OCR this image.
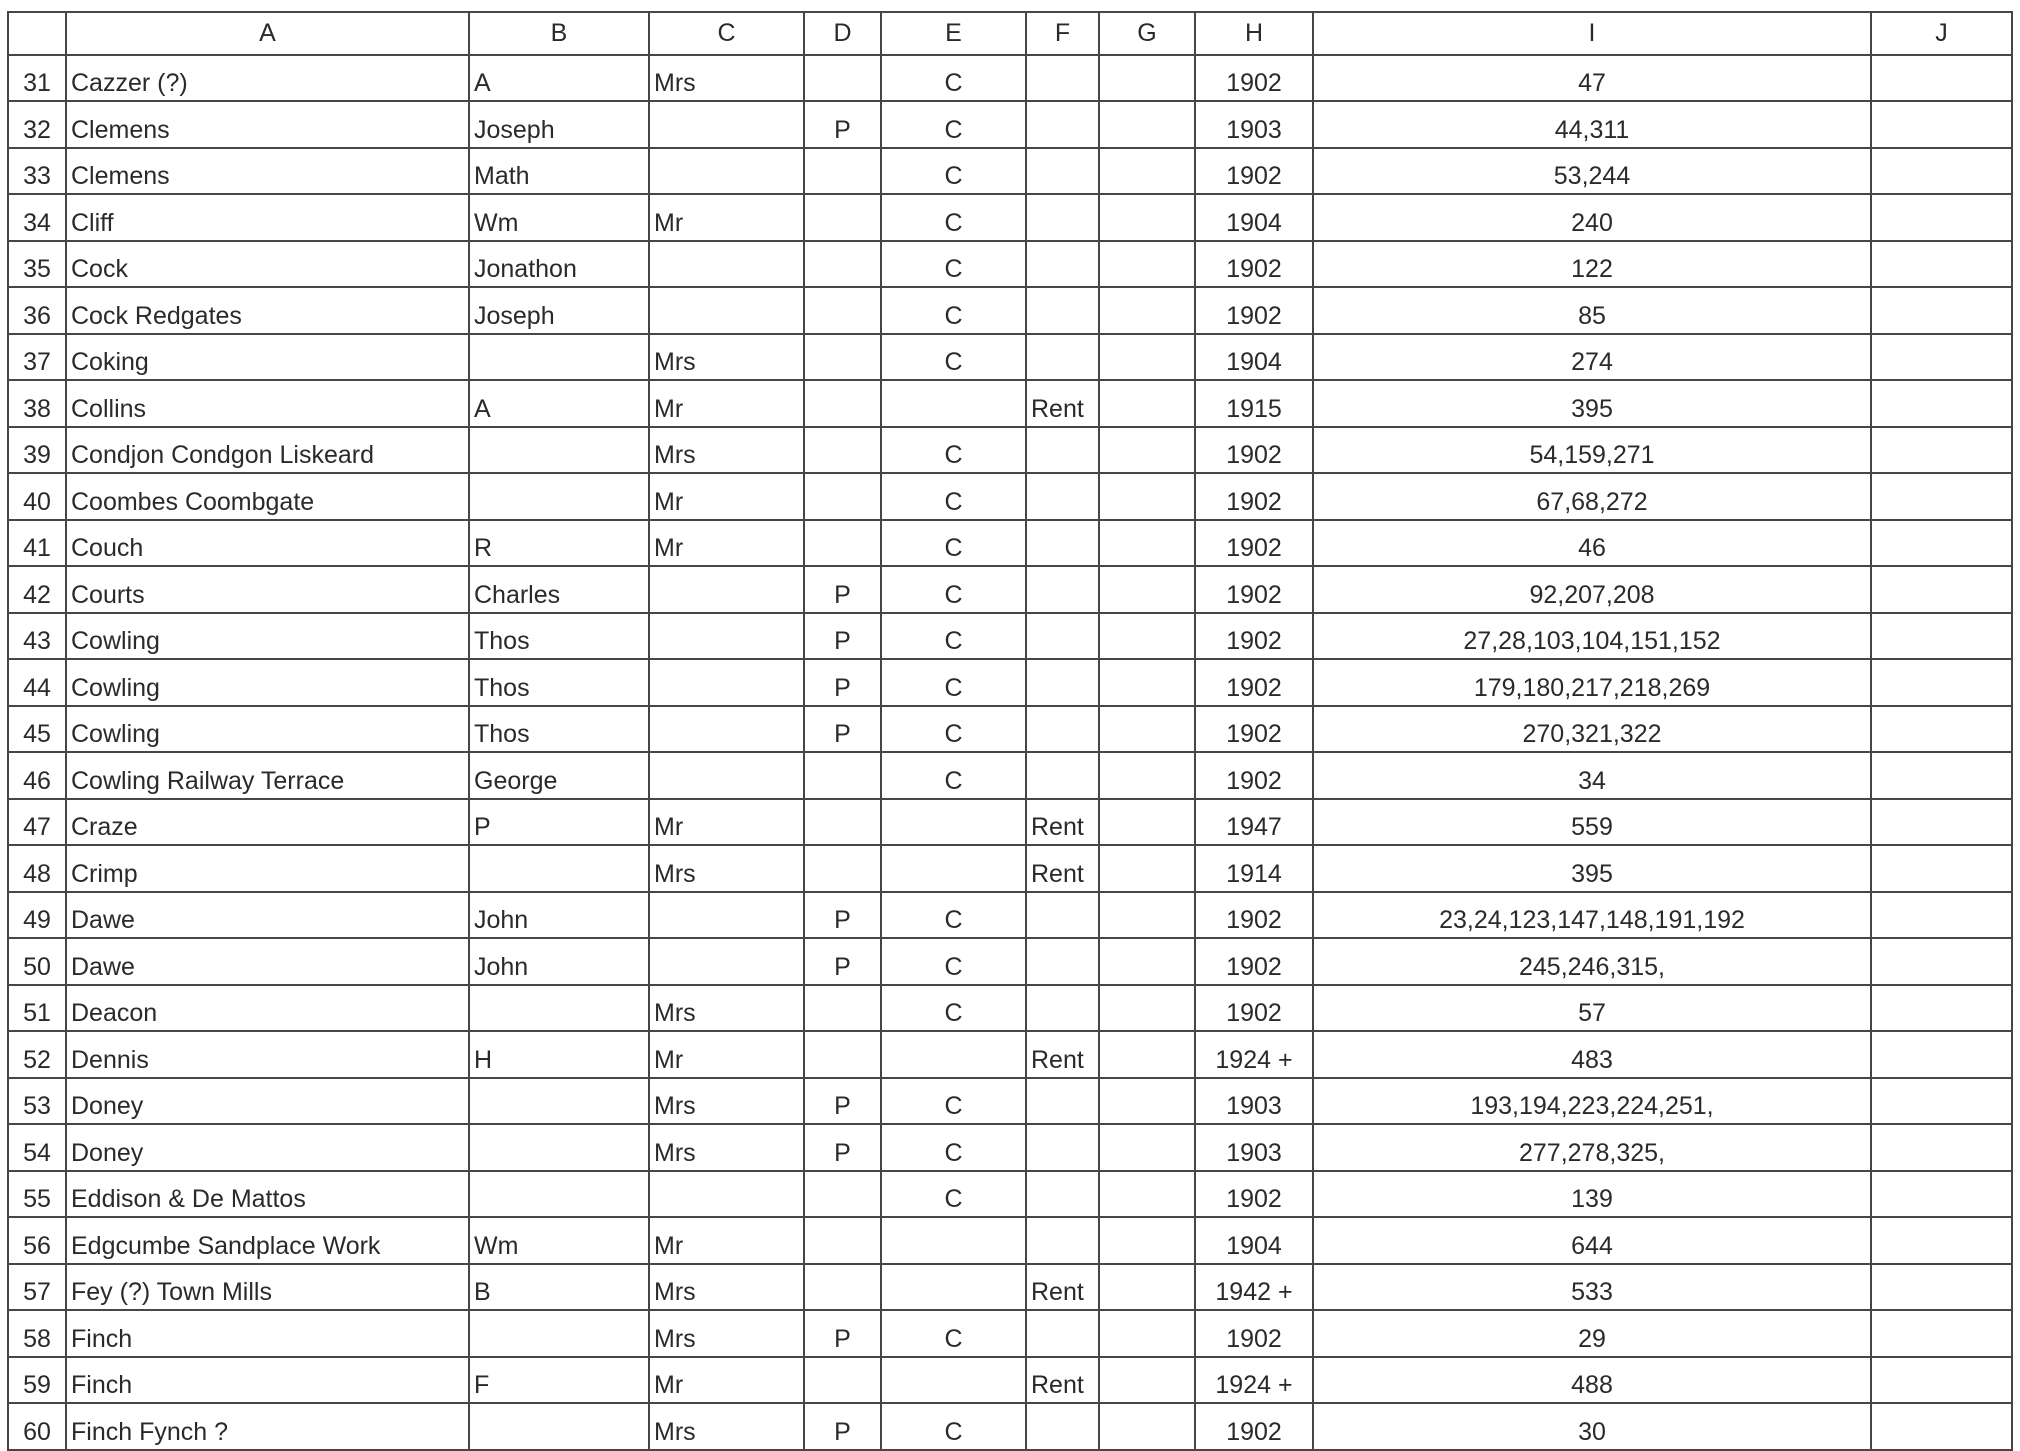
	A	B	C	D	E	F	G	H	I	J
31	Cazzer (?)	A	Mrs		C			1902	47	
32	Clemens	Joseph		P	C			1903	44,311	
33	Clemens	Math			C			1902	53,244	
34	Cliff	Wm	Mr		C			1904	240	
35	Cock	Jonathon			C			1902	122	
36	Cock Redgates	Joseph			C			1902	85	
37	Coking		Mrs		C			1904	274	
38	Collins	A	Mr			Rent		1915	395	
39	Condjon Condgon Liskeard		Mrs		C			1902	54,159,271	
40	Coombes Coombgate		Mr		C			1902	67,68,272	
41	Couch	R	Mr		C			1902	46	
42	Courts	Charles		P	C			1902	92,207,208	
43	Cowling	Thos		P	C			1902	27,28,103,104,151,152	
44	Cowling	Thos		P	C			1902	179,180,217,218,269	
45	Cowling	Thos		P	C			1902	270,321,322	
46	Cowling Railway Terrace	George			C			1902	34	
47	Craze	P	Mr			Rent		1947	559	
48	Crimp		Mrs			Rent		1914	395	
49	Dawe	John		P	C			1902	23,24,123,147,148,191,192	
50	Dawe	John		P	C			1902	245,246,315,	
51	Deacon		Mrs		C			1902	57	
52	Dennis	H	Mr			Rent		1924 +	483	
53	Doney		Mrs	P	C			1903	193,194,223,224,251,	
54	Doney		Mrs	P	C			1903	277,278,325,	
55	Eddison & De Mattos				C			1902	139	
56	Edgcumbe Sandplace Work	Wm	Mr					1904	644	
57	Fey (?) Town Mills	B	Mrs			Rent		1942 +	533	
58	Finch		Mrs	P	C			1902	29	
59	Finch	F	Mr			Rent		1924 +	488	
60	Finch Fynch ?		Mrs	P	C			1902	30	
